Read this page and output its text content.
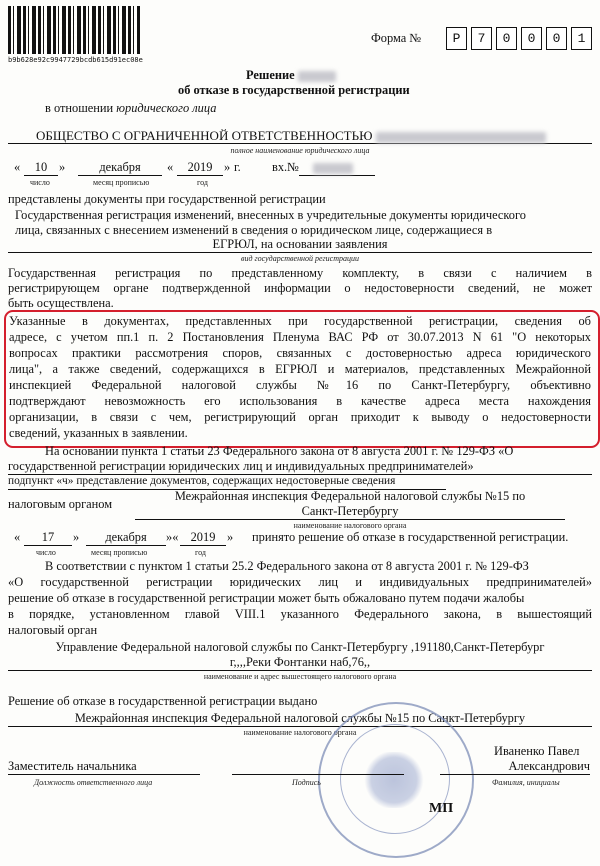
b9b628e92c9947729bcdb615d91ec08e
Форма №	Р	7	0	0	0	1
Решение
об отказе в государственной регистрации
в отношении юридического лица
ОБЩЕСТВО С ОГРАНИЧЕННОЙ ОТВЕТСТВЕННОСТЬЮ
полное наименование юридического лица
«	10 »	декабря	«	2019 » г.	вх.№
число	месяц прописью	год
представлены документы при государственной регистрации
Государственная регистрация изменений, внесенных в учредительные документы юридического
лица, связанных с внесением изменений в сведения о юридическом лице, содержащиеся в
ЕГРЮЛ, на основании заявления
вид государственной регистрации
Государственная регистрация по представленному комплекту, в связи с наличием в
регистрирующем органе подтвержденной информации о недостоверности сведений, не может
быть осуществлена.
Указанные в документах, представленных при государственной регистрации, сведения об
адресе, с учетом пп.1 п. 2 Постановления Пленума ВАС РФ от 30.07.2013 N 61 "О некоторых
вопросах практики рассмотрения споров, связанных с достоверностью адреса юридического
лица", а также сведений, содержащихся в ЕГРЮЛ и материалов, представленных Межрайонной
инспекцией Федеральной налоговой службы №16 по Санкт-Петербургу, объективно
подтверждают невозможность его использования в качестве адреса места нахождения
организации, в связи с чем, регистрирующий орган приходит к выводу о недостоверности
сведений, указанных в заявлении.
На основании пункта 1 статьи 23 Федерального закона от 8 августа 2001 г. № 129-ФЗ «О
государственной регистрации юридических лиц и индивидуальных предпринимателей»
подпункт «ч» представление документов, содержащих недостоверные сведения
налоговым органом
Межрайонная инспекция Федеральной налоговой службы №15 по
Санкт-Петербургу
наименование налогового органа
«	17	»	декабря	»« 2019 » принято решение об отказе в государственной регистрации.
число	месяц прописью	год
В соответствии с пунктом 1 статьи 25.2 Федерального закона от 8 августа 2001 г. № 129-ФЗ
«О государственной регистрации юридических лиц и индивидуальных предпринимателей»
решение об отказе в государственной регистрации может быть обжаловано путем подачи жалобы
в порядке, установленном главой VIII.1 указанного Федерального закона, в вышестоящий
налоговый орган
Управление Федеральной налоговой службы по Санкт-Петербургу ,191180,Санкт-Петербург
г,,,,Реки Фонтанки наб,76,,
наименование и адрес вышестоящего налогового органа
Решение об отказе в государственной регистрации выдано
Межрайонная инспекция Федеральной налоговой службы №15 по Санкт-Петербургу
наименование налогового органа
Заместитель начальника
Должность ответственного лица	Подпись
Иваненко Павел
Александрович
Фамилия, инициалы
МП
